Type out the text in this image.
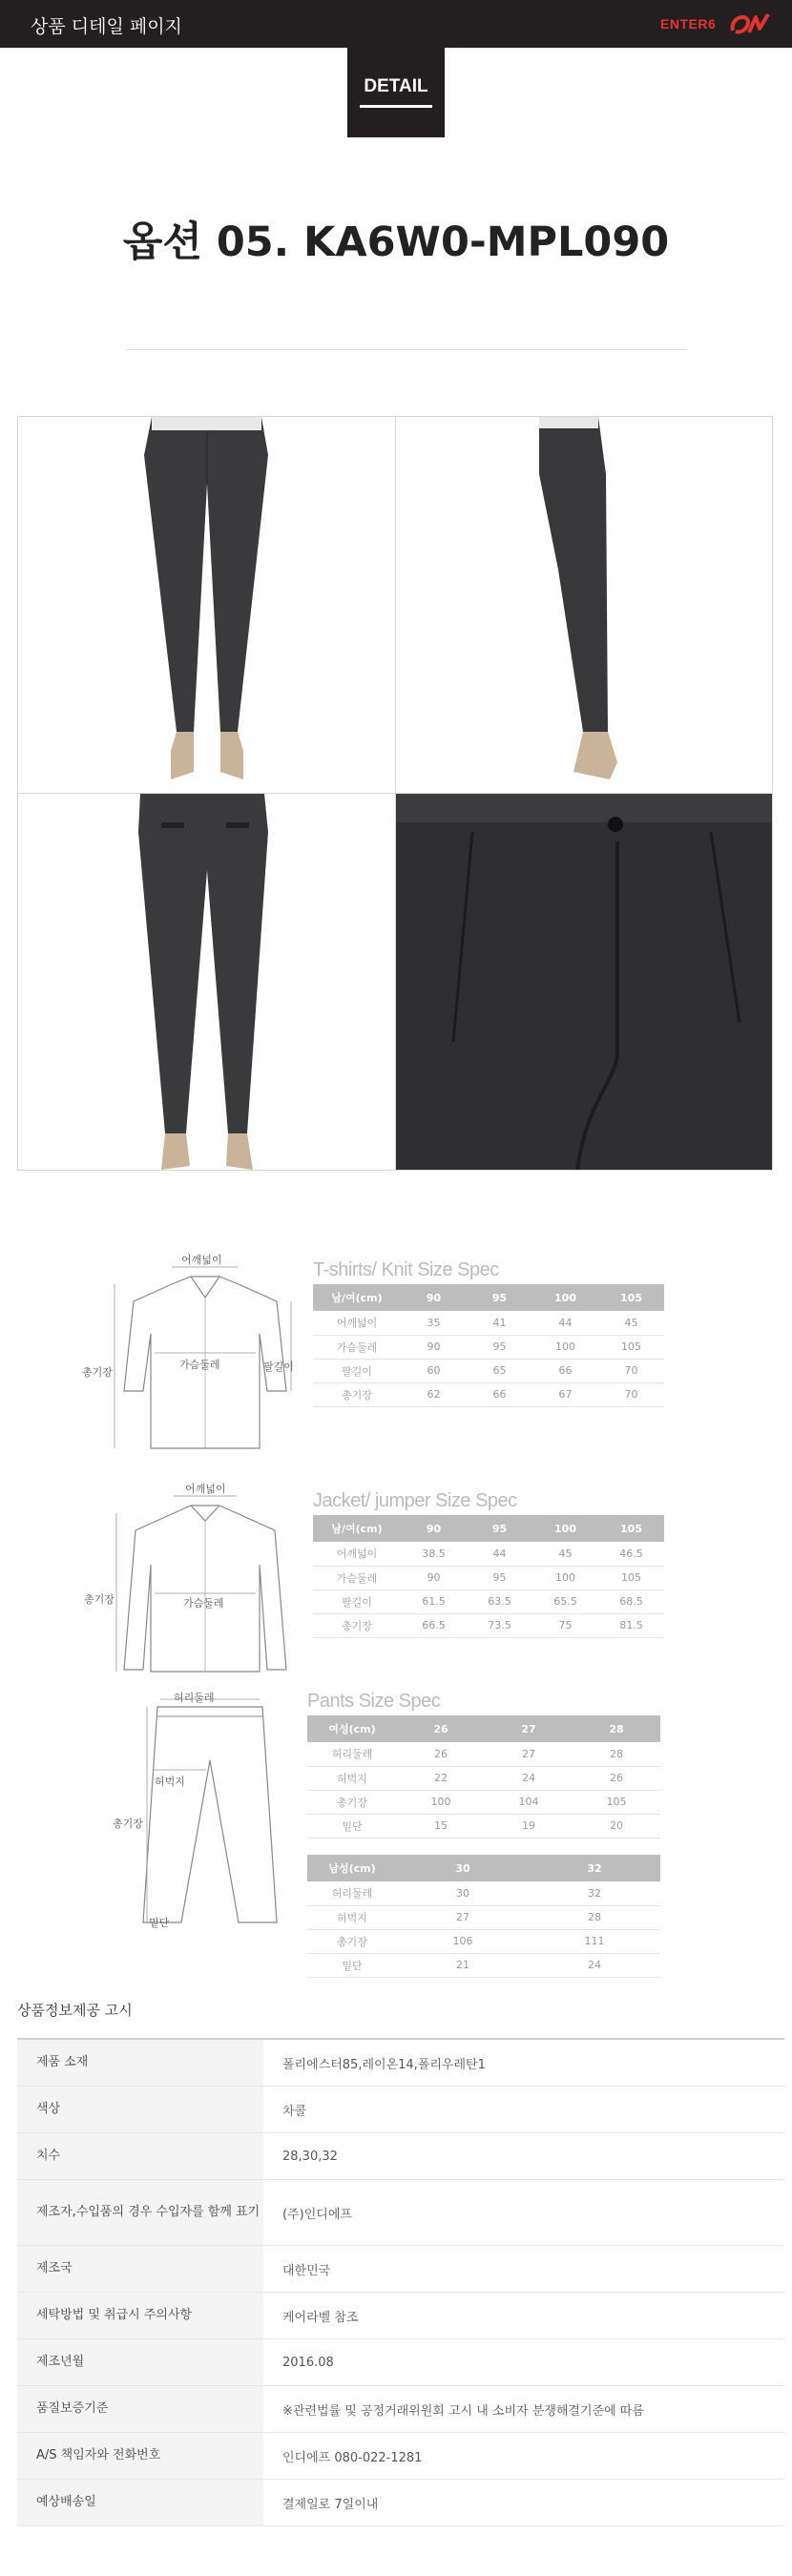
상품 디테일 페이지	ENTER6
DETAIL
옵션 05. KA6W0-MPL090
어깨넓이
가슴둘레
총기장	팔길이
T-shirts/ Knit Size Spec
남/여(cm)	90	95	100	105
어깨넓이	35	41	44	45
가슴둘레	90	95	100	105
팔길이	60	65	66	70
총기장	62	66	67	70
어깨넓이
가슴둘레
총기장
Jacket/ jumper Size Spec
남/여(cm)	90	95	100	105
어깨넓이	38.5	44	45	46.5
가슴둘레	90	95	100	105
팔길이	61.5	63.5	65.5	68.5
총기장	66.5	73.5	75	81.5
허리둘레
허벅지
총기장
밑단
Pants Size Spec
여성(cm)	26	27	28
허리둘레	26	27	28
허벅지	22	24	26
총기장	100	104	105
밑단	15	19	20
남성(cm)	30	32
허리둘레	30	32
허벅지	27	28
총기장	106	111
밑단	21	24
상품정보제공 고시
제품 소재	폴리에스터85,레이온14,폴리우레탄1
색상	차콜
치수	28,30,32
제조자,수입품의 경우 수입자를 함께 표기	(주)인디에프
제조국	대한민국
세탁방법 및 취급시 주의사항	케어라벨 참조
제조년월	2016.08
품질보증기준	※관련법률 및 공정거래위원회 고시 내 소비자 분쟁해결기준에 따름
A/S 책임자와 전화번호	인디에프 080-022-1281
예상배송일	결제일로 7일이내
